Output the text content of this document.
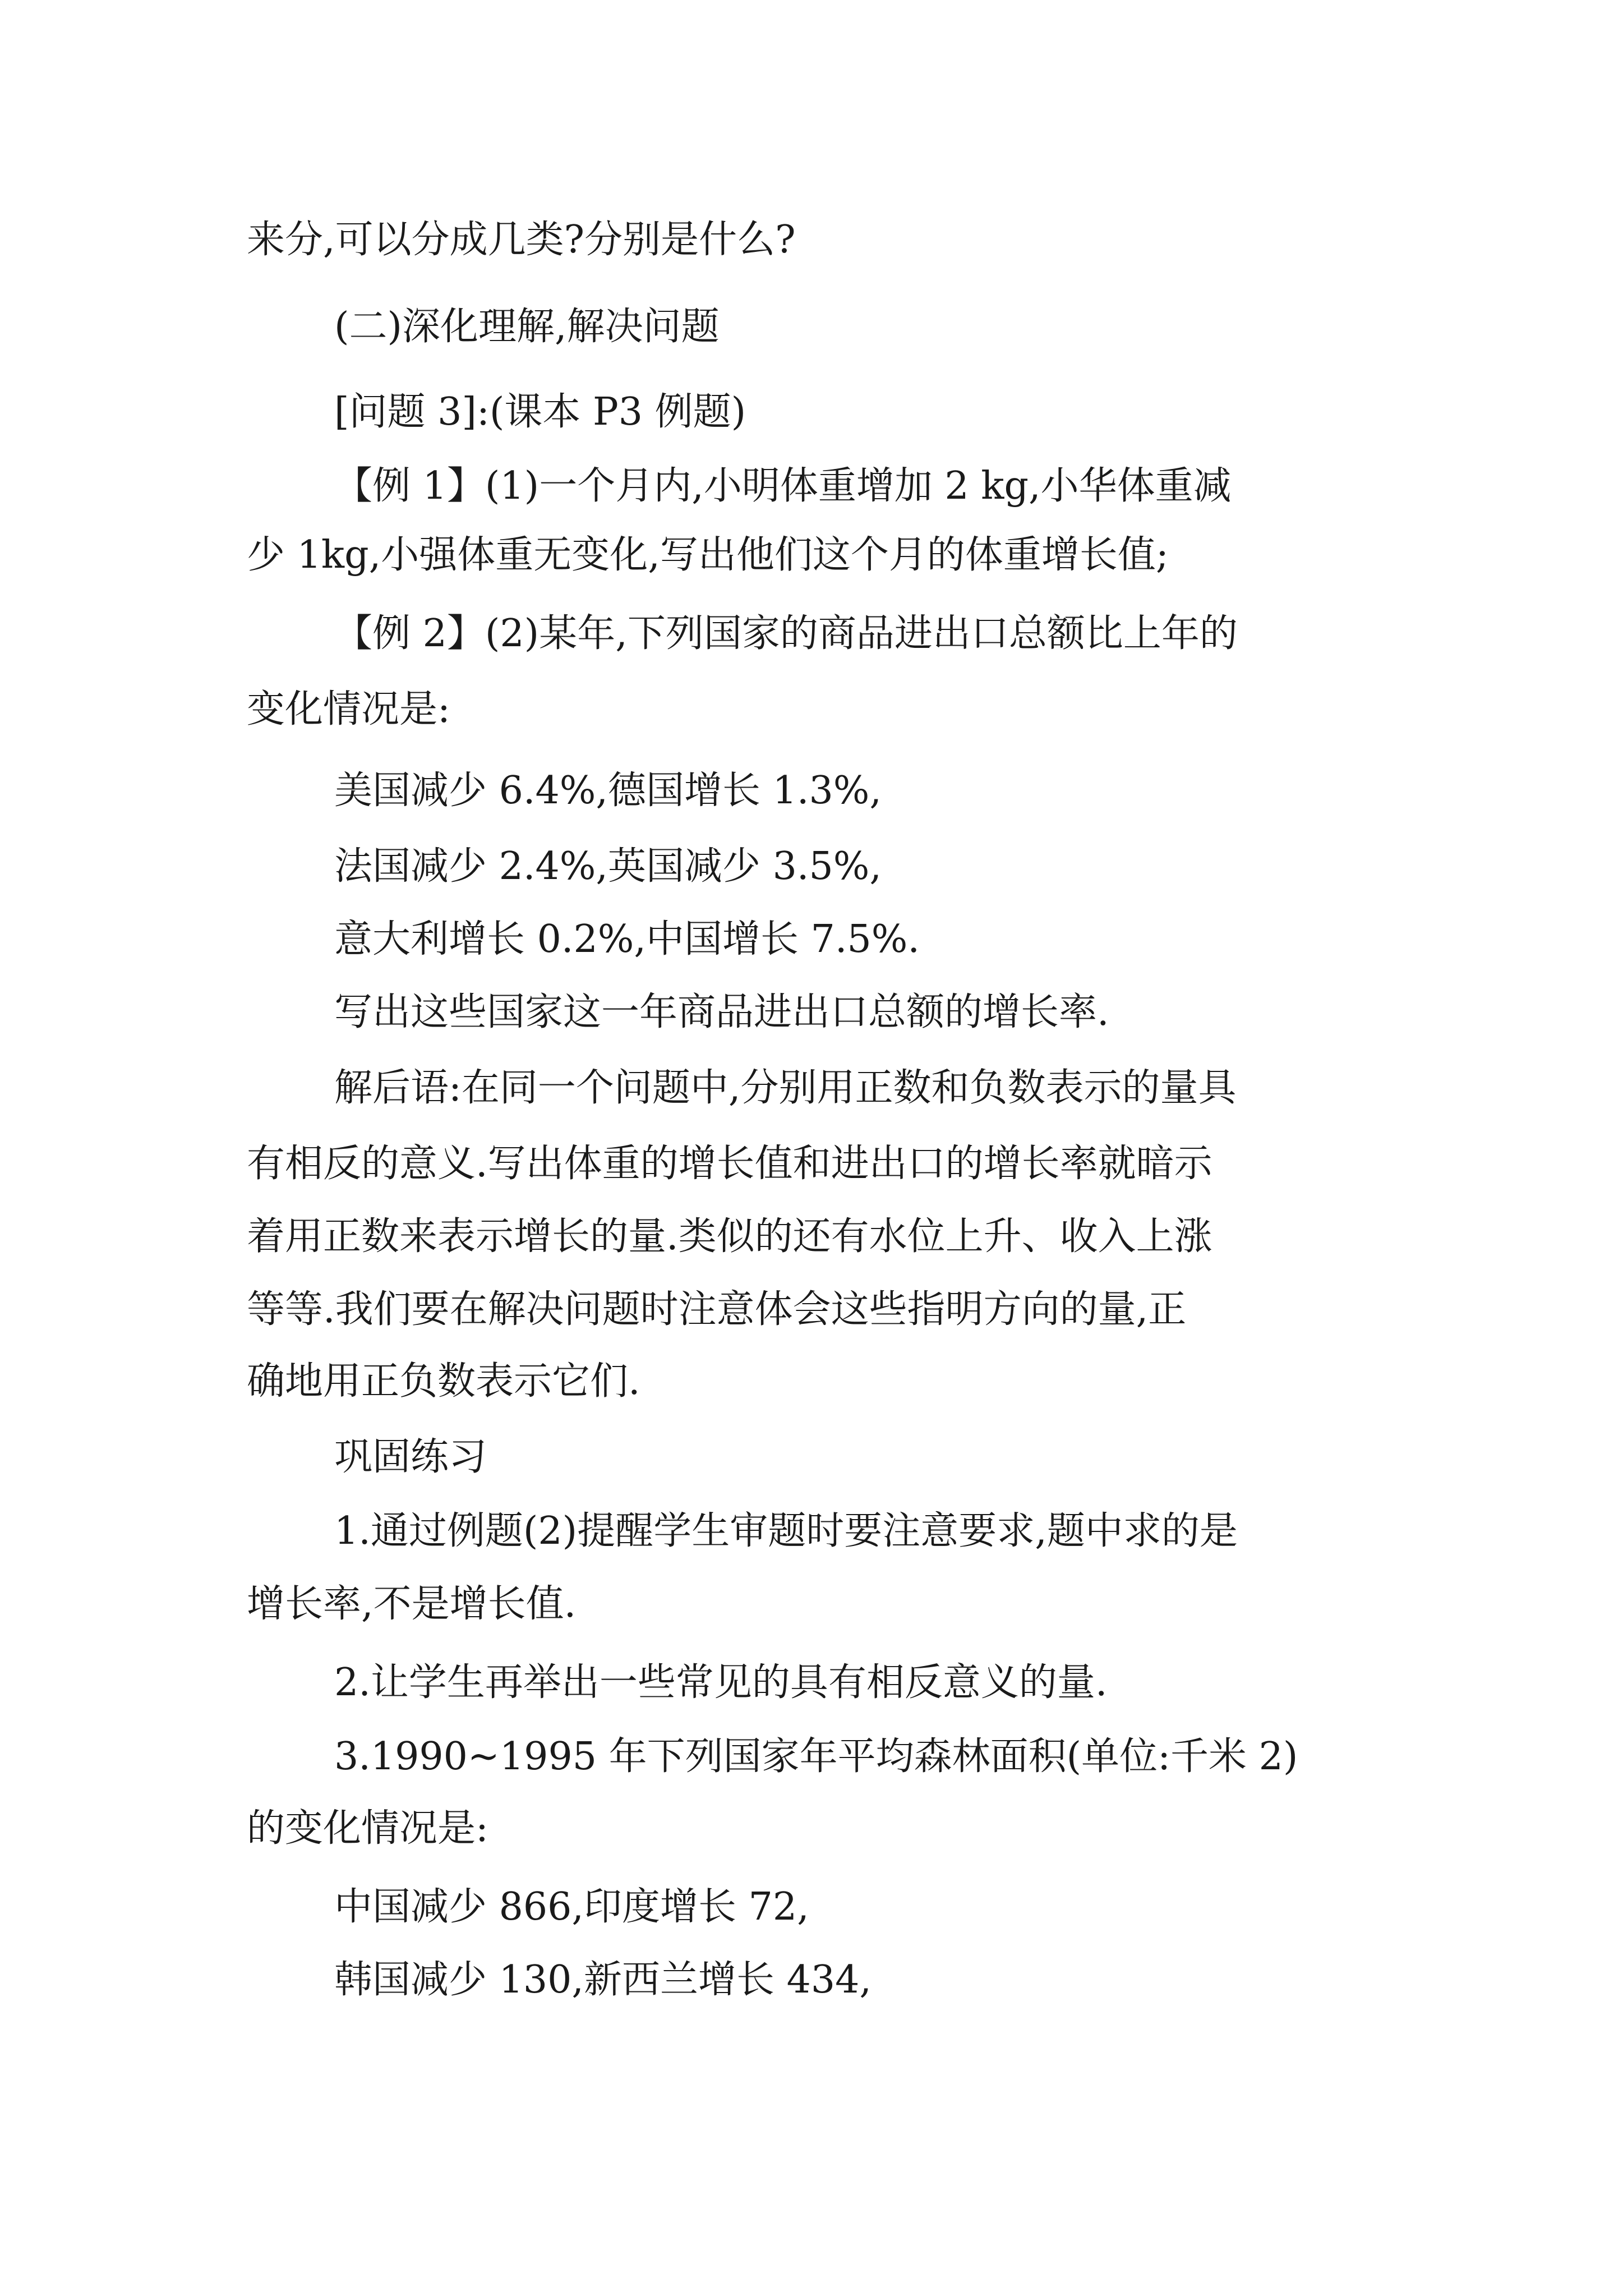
来分,可以分成几类?分别是什么?
(二)深化理解,解决问题
[问题 3]:(课本 P3 例题)
【例 1】(1)一个月内,小明体重增加 2 kg,小华体重减
少 1kg,小强体重无变化,写出他们这个月的体重增长值;
【例 2】(2)某年,下列国家的商品进出口总额比上年的
变化情况是:
美国减少 6.4%,德国增长 1.3%,
法国减少 2.4%,英国减少 3.5%,
意大利增长 0.2%,中国增长 7.5%.
写出这些国家这一年商品进出口总额的增长率.
解后语:在同一个问题中,分别用正数和负数表示的量具
有相反的意义.写出体重的增长值和进出口的增长率就暗示
着用正数来表示增长的量.类似的还有水位上升、收入上涨
等等.我们要在解决问题时注意体会这些指明方向的量,正
确地用正负数表示它们.
巩固练习
1.通过例题(2)提醒学生审题时要注意要求,题中求的是
增长率,不是增长值.
2.让学生再举出一些常见的具有相反意义的量.
3.1990~1995 年下列国家年平均森林面积(单位:千米 2)
的变化情况是:
中国减少 866,印度增长 72,
韩国减少 130,新西兰增长 434,
